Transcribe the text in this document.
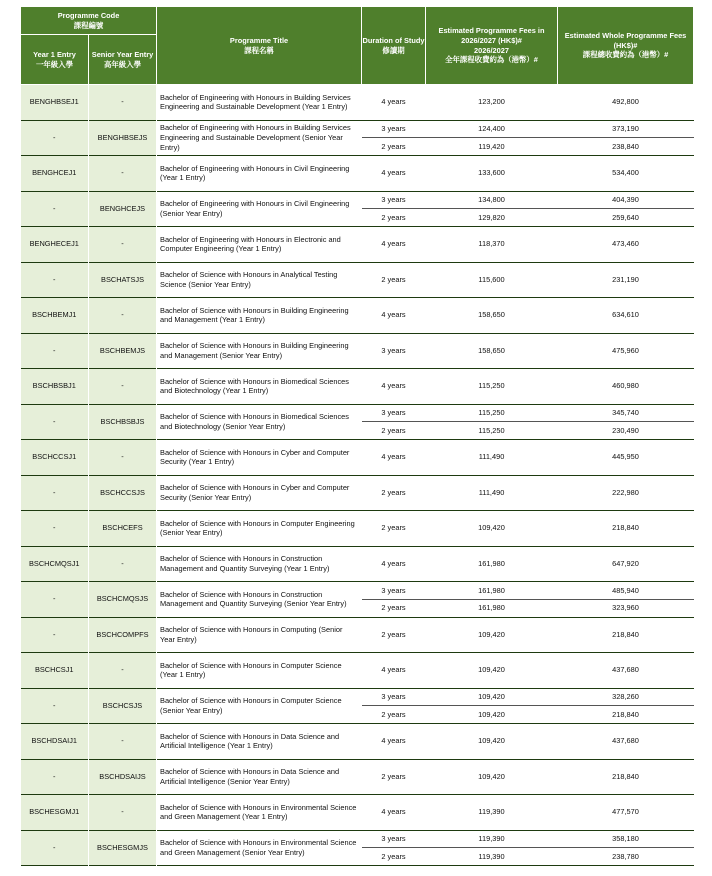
Programme Code
課程編號		Programme Title
課程名稱	Duration of Study
修讀期	Estimated Programme Fees in 2026/2027 (HK$)#
2026/2027
全年課程收費約為（港幣）#	Estimated Whole Programme Fees (HK$)#
課程總收費約為（港幣）#

Year 1 Entry
一年級入學	Senior Year Entry
高年級入學				

BENGHBSEJ1	-	Bachelor of Engineering with Honours in Building Services Engineering and Sustainable Development (Year 1 Entry)	4 years	123,200	492,800
-	BENGHBSEJS	Bachelor of Engineering with Honours in Building Services Engineering and Sustainable Development (Senior Year Entry)	3 years	124,400	373,190
			2 years	119,420	238,840
BENGHCEJ1	-	Bachelor of Engineering with Honours in Civil Engineering (Year 1 Entry)	4 years	133,600	534,400
-	BENGHCEJS	Bachelor of Engineering with Honours in Civil Engineering (Senior Year Entry)	3 years	134,800	404,390
			2 years	129,820	259,640
BENGHECEJ1	-	Bachelor of Engineering with Honours in Electronic and Computer Engineering (Year 1 Entry)	4 years	118,370	473,460
-	BSCHATSJS	Bachelor of Science with Honours in Analytical Testing Science (Senior Year Entry)	2 years	115,600	231,190
BSCHBEMJ1	-	Bachelor of Science with Honours in Building Engineering and Management (Year 1 Entry)	4 years	158,650	634,610
-	BSCHBEMJS	Bachelor of Science with Honours in Building Engineering and Management (Senior Year Entry)	3 years	158,650	475,960
BSCHBSBJ1	-	Bachelor of Science with Honours in Biomedical Sciences and Biotechnology (Year 1 Entry)	4 years	115,250	460,980
-	BSCHBSBJS	Bachelor of Science with Honours in Biomedical Sciences and Biotechnology (Senior Year Entry)	3 years	115,250	345,740
			2 years	115,250	230,490
BSCHCCSJ1	-	Bachelor of Science with Honours in Cyber and Computer Security (Year 1 Entry)	4 years	111,490	445,950
-	BSCHCCSJS	Bachelor of Science with Honours in Cyber and Computer Security (Senior Year Entry)	2 years	111,490	222,980
-	BSCHCEFS	Bachelor of Science with Honours in Computer Engineering (Senior Year Entry)	2 years	109,420	218,840
BSCHCMQSJ1	-	Bachelor of Science with Honours in Construction Management and Quantity Surveying (Year 1 Entry)	4 years	161,980	647,920
-	BSCHCMQSJS	Bachelor of Science with Honours in Construction Management and Quantity Surveying (Senior Year Entry)	3 years	161,980	485,940
			2 years	161,980	323,960
-	BSCHCOMPFS	Bachelor of Science with Honours in Computing (Senior Year Entry)	2 years	109,420	218,840
BSCHCSJ1	-	Bachelor of Science with Honours in Computer Science (Year 1 Entry)	4 years	109,420	437,680
-	BSCHCSJS	Bachelor of Science with Honours in Computer Science (Senior Year Entry)	3 years	109,420	328,260
			2 years	109,420	218,840
BSCHDSAIJ1	-	Bachelor of Science with Honours in Data Science and Artificial Intelligence (Year 1 Entry)	4 years	109,420	437,680
-	BSCHDSAIJS	Bachelor of Science with Honours in Data Science and Artificial Intelligence (Senior Year Entry)	2 years	109,420	218,840
BSCHESGMJ1	-	Bachelor of Science with Honours in Environmental Science and Green Management (Year 1 Entry)	4 years	119,390	477,570
-	BSCHESGMJS	Bachelor of Science with Honours in Environmental Science and Green Management (Senior Year Entry)	3 years	119,390	358,180
			2 years	119,390	238,780
